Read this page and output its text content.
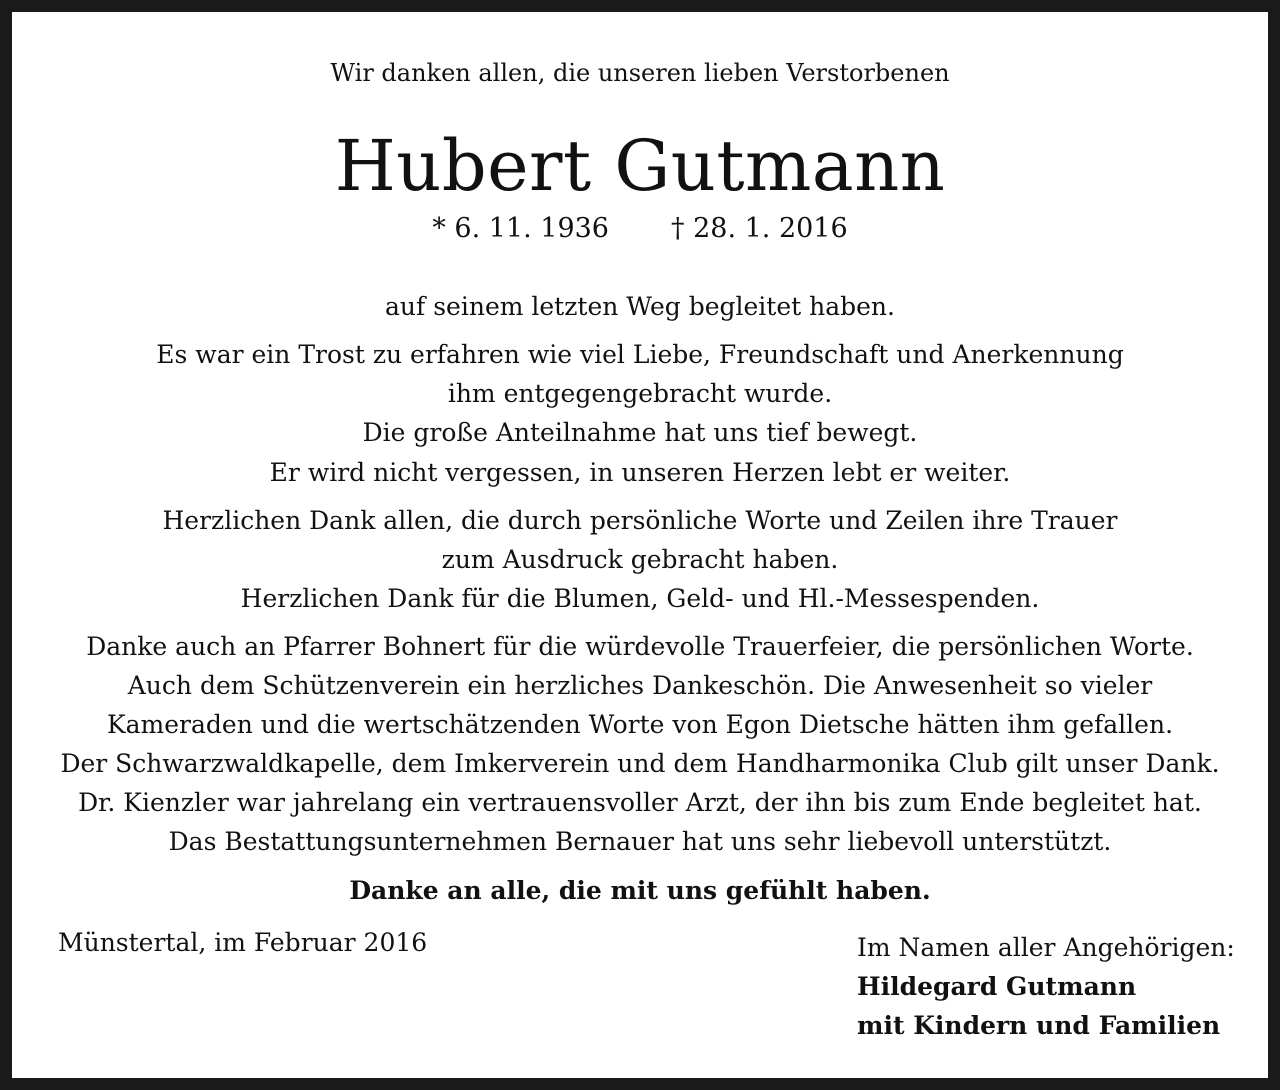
Wir danken allen, die unseren lieben Verstorbenen
Hubert Gutmann
* 6. 11. 1936 † 28. 1. 2016
auf seinem letzten Weg begleitet haben.
Es war ein Trost zu erfahren wie viel Liebe, Freundschaft und Anerkennung
ihm entgegengebracht wurde.
Die große Anteilnahme hat uns tief bewegt.
Er wird nicht vergessen, in unseren Herzen lebt er weiter.
Herzlichen Dank allen, die durch persönliche Worte und Zeilen ihre Trauer
zum Ausdruck gebracht haben.
Herzlichen Dank für die Blumen, Geld- und Hl.-Messespenden.
Danke auch an Pfarrer Bohnert für die würdevolle Trauerfeier, die persönlichen Worte.
Auch dem Schützenverein ein herzliches Dankeschön. Die Anwesenheit so vieler
Kameraden und die wertschätzenden Worte von Egon Dietsche hätten ihm gefallen.
Der Schwarzwaldkapelle, dem Imkerverein und dem Handharmonika Club gilt unser Dank.
Dr. Kienzler war jahrelang ein vertrauensvoller Arzt, der ihn bis zum Ende begleitet hat.
Das Bestattungsunternehmen Bernauer hat uns sehr liebevoll unterstützt.
Danke an alle, die mit uns gefühlt haben.
Münstertal, im Februar 2016	Im Namen aller Angehörigen:
Hildegard Gutmann
mit Kindern und Familien
